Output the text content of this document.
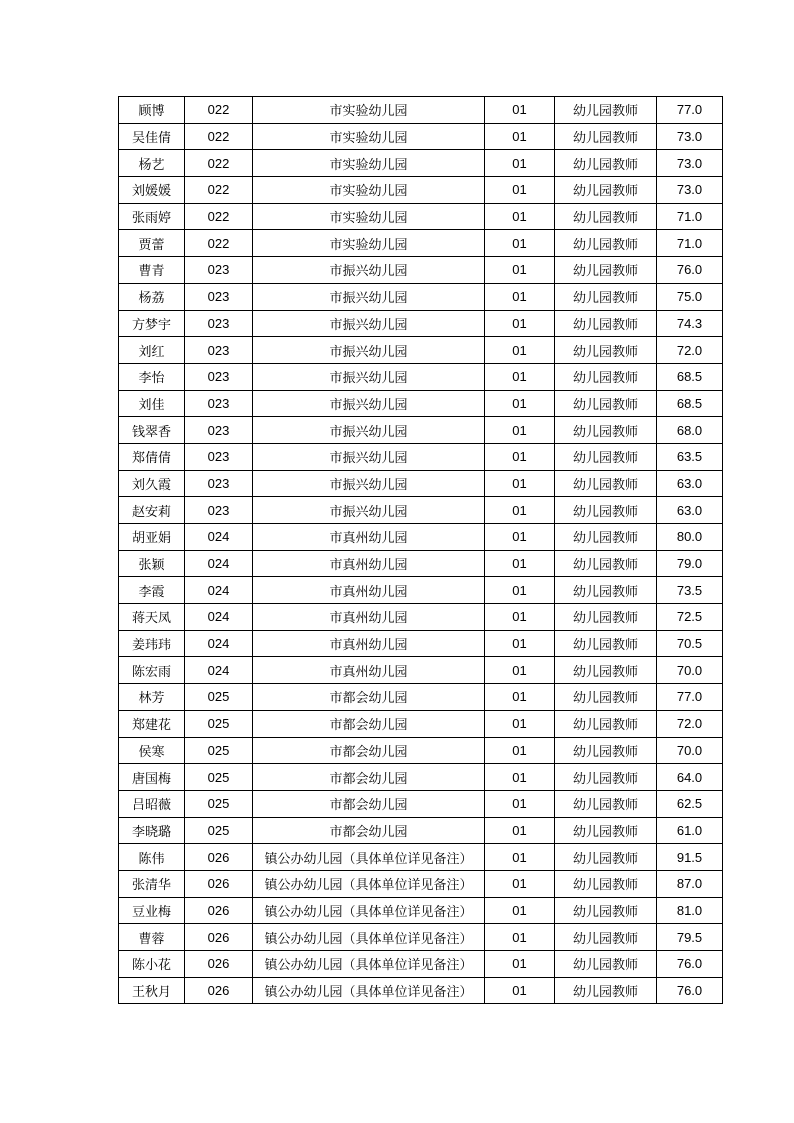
顾博	022	市实验幼儿园	01	幼儿园教师	77.0
吴佳倩	022	市实验幼儿园	01	幼儿园教师	73.0
杨艺	022	市实验幼儿园	01	幼儿园教师	73.0
刘媛媛	022	市实验幼儿园	01	幼儿园教师	73.0
张雨婷	022	市实验幼儿园	01	幼儿园教师	71.0
贾蕾	022	市实验幼儿园	01	幼儿园教师	71.0
曹青	023	市振兴幼儿园	01	幼儿园教师	76.0
杨荔	023	市振兴幼儿园	01	幼儿园教师	75.0
方梦宇	023	市振兴幼儿园	01	幼儿园教师	74.3
刘红	023	市振兴幼儿园	01	幼儿园教师	72.0
李怡	023	市振兴幼儿园	01	幼儿园教师	68.5
刘佳	023	市振兴幼儿园	01	幼儿园教师	68.5
钱翠香	023	市振兴幼儿园	01	幼儿园教师	68.0
郑倩倩	023	市振兴幼儿园	01	幼儿园教师	63.5
刘久霞	023	市振兴幼儿园	01	幼儿园教师	63.0
赵安莉	023	市振兴幼儿园	01	幼儿园教师	63.0
胡亚娟	024	市真州幼儿园	01	幼儿园教师	80.0
张颖	024	市真州幼儿园	01	幼儿园教师	79.0
李霞	024	市真州幼儿园	01	幼儿园教师	73.5
蒋天凤	024	市真州幼儿园	01	幼儿园教师	72.5
姜玮玮	024	市真州幼儿园	01	幼儿园教师	70.5
陈宏雨	024	市真州幼儿园	01	幼儿园教师	70.0
林芳	025	市都会幼儿园	01	幼儿园教师	77.0
郑建花	025	市都会幼儿园	01	幼儿园教师	72.0
侯寒	025	市都会幼儿园	01	幼儿园教师	70.0
唐国梅	025	市都会幼儿园	01	幼儿园教师	64.0
吕昭薇	025	市都会幼儿园	01	幼儿园教师	62.5
李晓璐	025	市都会幼儿园	01	幼儿园教师	61.0
陈伟	026	镇公办幼儿园（具体单位详见备注）	01	幼儿园教师	91.5
张清华	026	镇公办幼儿园（具体单位详见备注）	01	幼儿园教师	87.0
豆业梅	026	镇公办幼儿园（具体单位详见备注）	01	幼儿园教师	81.0
曹蓉	026	镇公办幼儿园（具体单位详见备注）	01	幼儿园教师	79.5
陈小花	026	镇公办幼儿园（具体单位详见备注）	01	幼儿园教师	76.0
王秋月	026	镇公办幼儿园（具体单位详见备注）	01	幼儿园教师	76.0
